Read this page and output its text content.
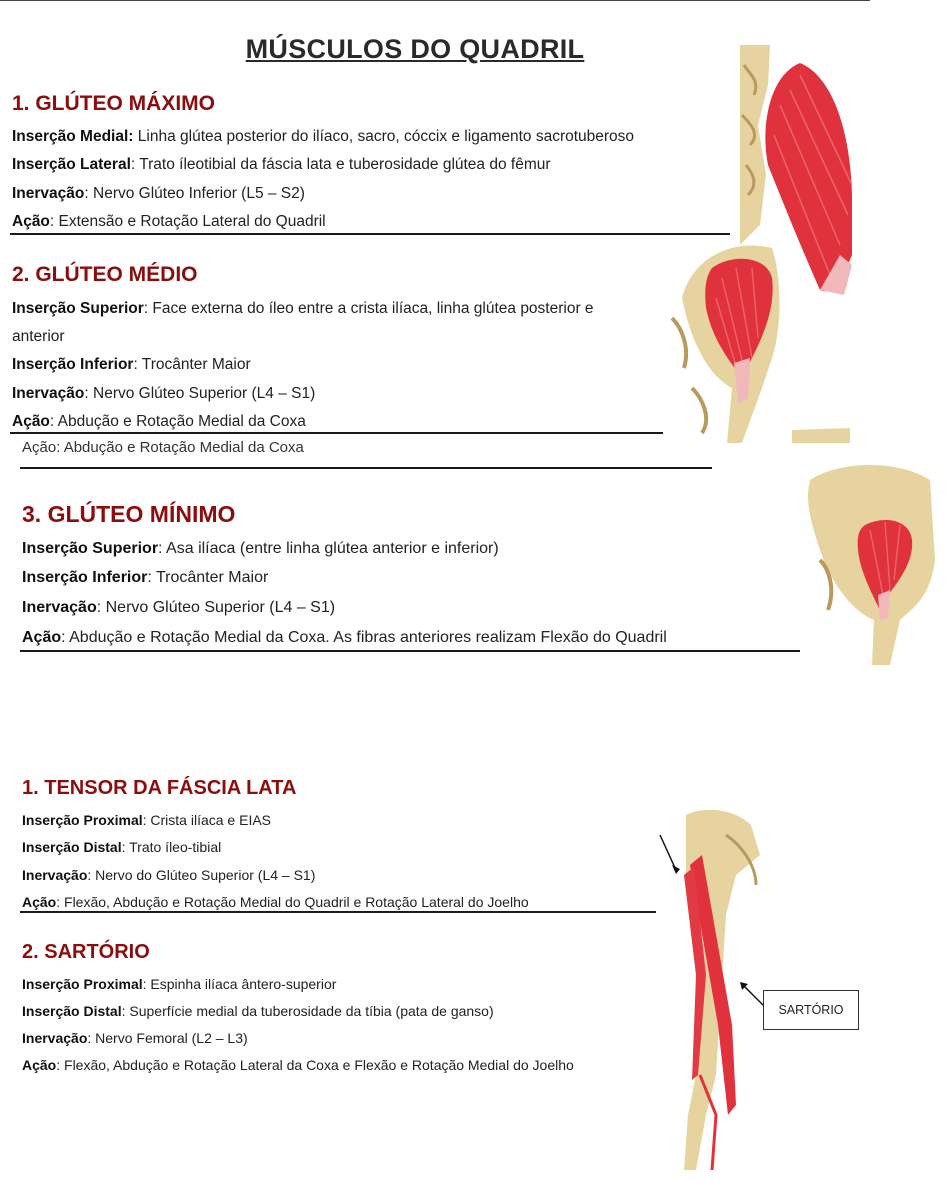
MÚSCULOS DO QUADRIL
1. GLÚTEO MÁXIMO
Inserção Medial: Linha glútea posterior do ilíaco, sacro, cóccix e ligamento sacrotuberoso
Inserção Lateral: Trato íleotibial da fáscia lata e tuberosidade glútea do fêmur
Inervação: Nervo Glúteo Inferior (L5 – S2)
Ação: Extensão e Rotação Lateral do Quadril
2. GLÚTEO MÉDIO
Inserção Superior: Face externa do íleo entre a crista ilíaca, linha glútea posterior e
anterior
Inserção Inferior: Trocânter Maior
Inervação: Nervo Glúteo Superior (L4 – S1)
Ação: Abdução e Rotação Medial da Coxa
Ação: Abdução e Rotação Medial da Coxa
3. GLÚTEO MÍNIMO
Inserção Superior: Asa ilíaca (entre linha glútea anterior e inferior)
Inserção Inferior: Trocânter Maior
Inervação: Nervo Glúteo Superior (L4 – S1)
Ação: Abdução e Rotação Medial da Coxa. As fibras anteriores realizam Flexão do Quadril
1. TENSOR DA FÁSCIA LATA
Inserção Proximal: Crista ilíaca e EIAS
Inserção Distal: Trato íleo-tibial
Inervação: Nervo do Glúteo Superior (L4 – S1)
Ação: Flexão, Abdução e Rotação Medial do Quadril e Rotação Lateral do Joelho
2. SARTÓRIO
Inserção Proximal: Espinha ilíaca ântero-superior
Inserção Distal: Superfície medial da tuberosidade da tíbia (pata de ganso)
Inervação: Nervo Femoral (L2 – L3)
Ação: Flexão, Abdução e Rotação Lateral da Coxa e Flexão e Rotação Medial do Joelho
SARTÓRIO
